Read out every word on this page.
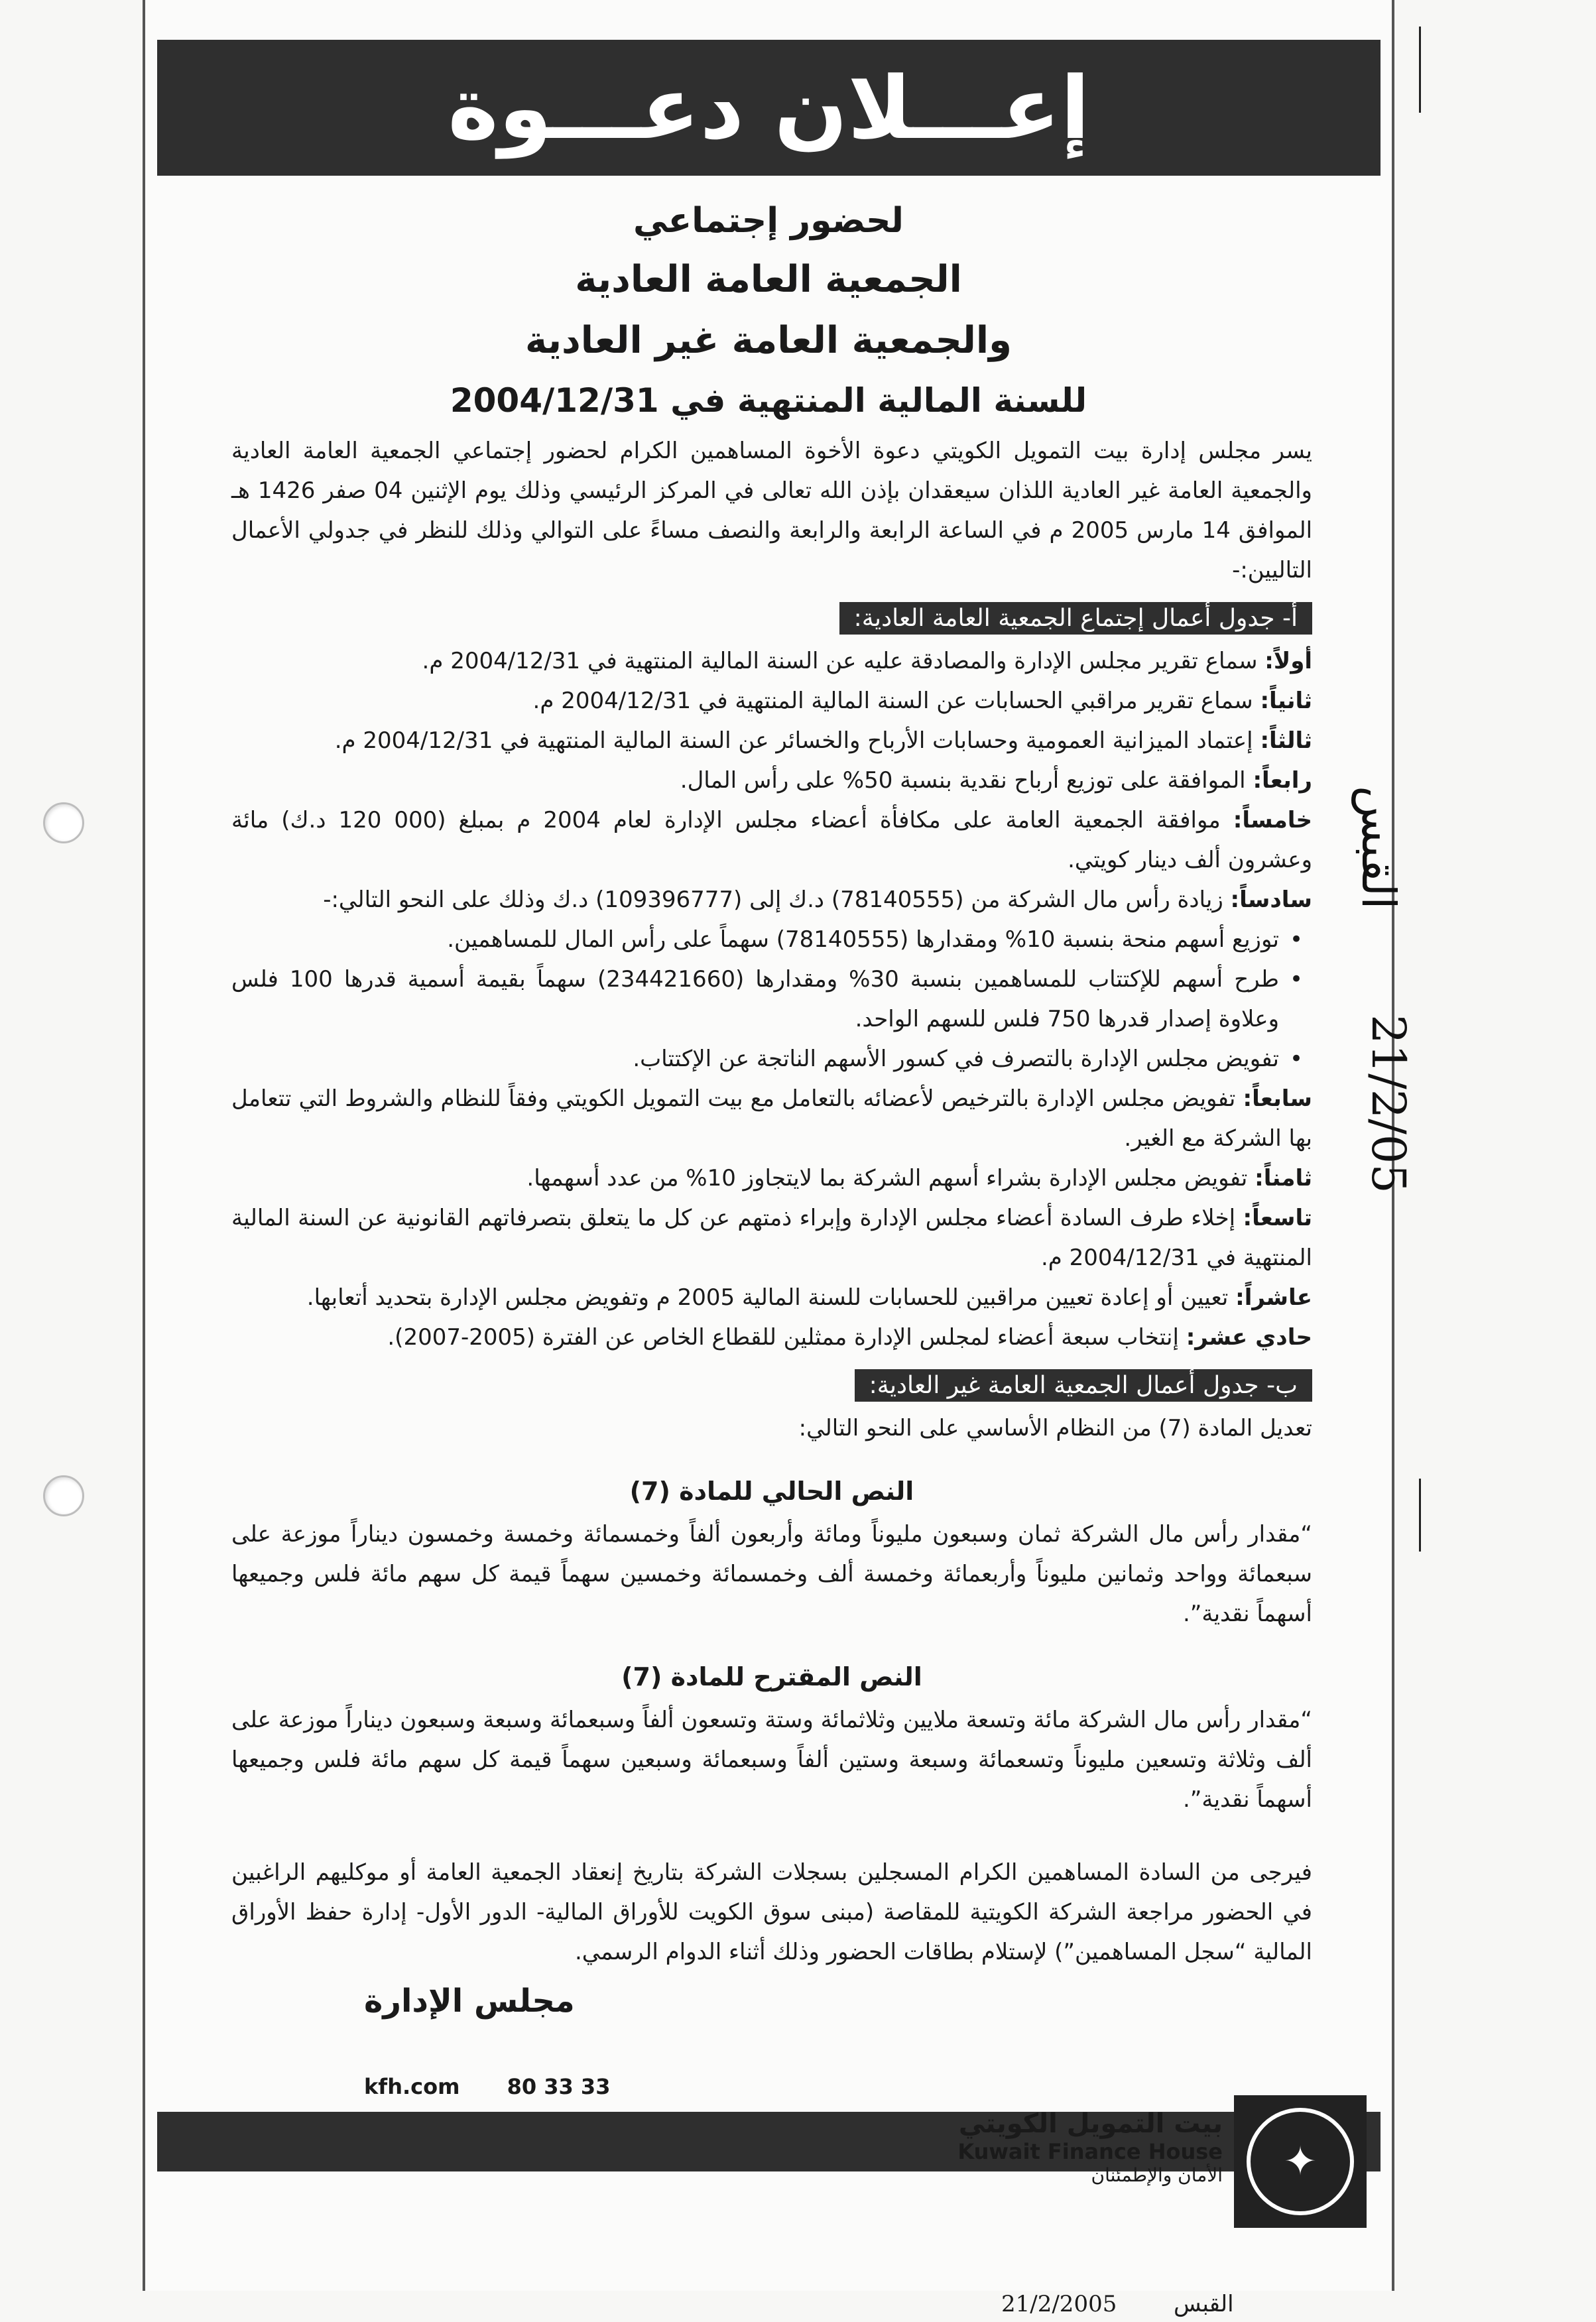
إعـــلان دعـــوة
لحضور إجتماعي
الجمعية العامة العادية
والجمعية العامة غير العادية
للسنة المالية المنتهية في 2004/12/31
يسر مجلس إدارة بيت التمويل الكويتي دعوة الأخوة المساهمين الكرام لحضور إجتماعي الجمعية العامة العادية والجمعية العامة غير العادية اللذان سيعقدان بإذن الله تعالى في المركز الرئيسي وذلك يوم الإثنين 04 صفر 1426 هـ الموافق 14 مارس 2005 م في الساعة الرابعة والرابعة والنصف مساءً على التوالي وذلك للنظر في جدولي الأعمال التاليين:-
أ- جدول أعمال إجتماع الجمعية العامة العادية:
أولاً: سماع تقرير مجلس الإدارة والمصادقة عليه عن السنة المالية المنتهية في 2004/12/31 م.
ثانياً: سماع تقرير مراقبي الحسابات عن السنة المالية المنتهية في 2004/12/31 م.
ثالثاً: إعتماد الميزانية العمومية وحسابات الأرباح والخسائر عن السنة المالية المنتهية في 2004/12/31 م.
رابعاً: الموافقة على توزيع أرباح نقدية بنسبة 50% على رأس المال.
خامساً: موافقة الجمعية العامة على مكافأة أعضاء مجلس الإدارة لعام 2004 م بمبلغ (000 120 د.ك) مائة وعشرون ألف دينار كويتي.
سادساً: زيادة رأس مال الشركة من (78140555) د.ك إلى (109396777) د.ك وذلك على النحو التالي:-
• توزيع أسهم منحة بنسبة 10% ومقدارها (78140555) سهماً على رأس المال للمساهمين.
• طرح أسهم للإكتتاب للمساهمين بنسبة 30% ومقدارها (234421660) سهماً بقيمة أسمية قدرها 100 فلس وعلاوة إصدار قدرها 750 فلس للسهم الواحد.
• تفويض مجلس الإدارة بالتصرف في كسور الأسهم الناتجة عن الإكتتاب.
سابعاً: تفويض مجلس الإدارة بالترخيص لأعضائه بالتعامل مع بيت التمويل الكويتي وفقاً للنظام والشروط التي تتعامل بها الشركة مع الغير.
ثامناً: تفويض مجلس الإدارة بشراء أسهم الشركة بما لايتجاوز 10% من عدد أسهمها.
تاسعاً: إخلاء طرف السادة أعضاء مجلس الإدارة وإبراء ذمتهم عن كل ما يتعلق بتصرفاتهم القانونية عن السنة المالية المنتهية في 2004/12/31 م.
عاشراً: تعيين أو إعادة تعيين مراقبين للحسابات للسنة المالية 2005 م وتفويض مجلس الإدارة بتحديد أتعابها.
حادي عشر: إنتخاب سبعة أعضاء لمجلس الإدارة ممثلين للقطاع الخاص عن الفترة (2005-2007).
ب- جدول أعمال الجمعية العامة غير العادية:
تعديل المادة (7) من النظام الأساسي على النحو التالي:
النص الحالي للمادة (7)
“مقدار رأس مال الشركة ثمان وسبعون مليوناً ومائة وأربعون ألفاً وخمسمائة وخمسة وخمسون ديناراً موزعة على سبعمائة وواحد وثمانين مليوناً وأربعمائة وخمسة ألف وخمسمائة وخمسين سهماً قيمة كل سهم مائة فلس وجميعها أسهماً نقدية”.
النص المقترح للمادة (7)
“مقدار رأس مال الشركة مائة وتسعة ملايين وثلاثمائة وستة وتسعون ألفاً وسبعمائة وسبعة وسبعون ديناراً موزعة على ألف وثلاثة وتسعين مليوناً وتسعمائة وسبعة وستين ألفاً وسبعمائة وسبعين سهماً قيمة كل سهم مائة فلس وجميعها أسهماً نقدية”.
فيرجى من السادة المساهمين الكرام المسجلين بسجلات الشركة بتاريخ إنعقاد الجمعية العامة أو موكليهم الراغبين في الحضور مراجعة الشركة الكويتية للمقاصة (مبنى سوق الكويت للأوراق المالية- الدور الأول- إدارة حفظ الأوراق المالية “سجل المساهمين”) لإستلام بطاقات الحضور وذلك أثناء الدوام الرسمي.
مجلس الإدارة
kfh.com 80 33 33
بيت التمويل الكويتي
Kuwait Finance House
الأمان والإطمئنان	✦
القبس
21/2/05
21/2/2005	القبس
